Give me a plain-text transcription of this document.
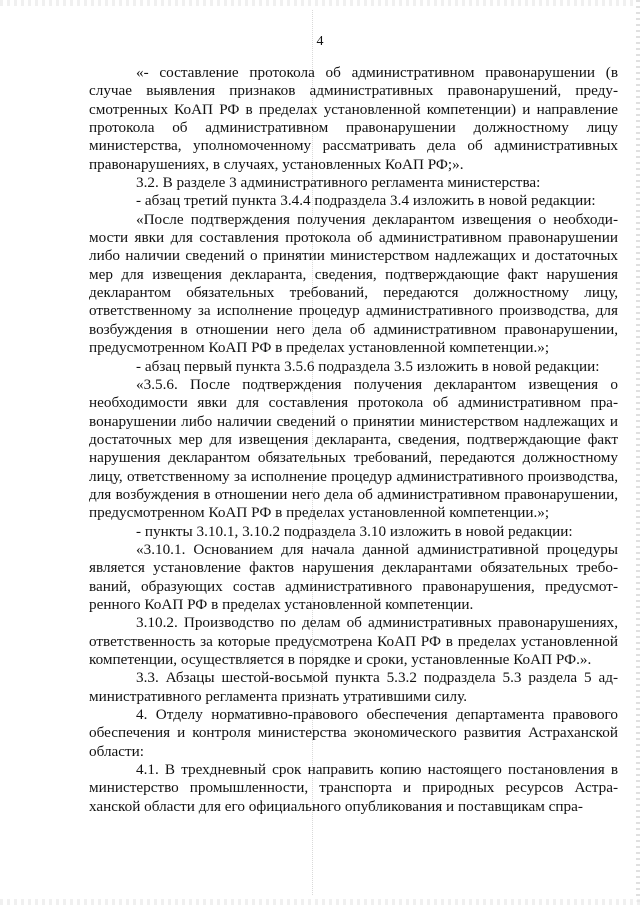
4

«- составление протокола об административном правонарушении (в случае выявления признаков административных правонарушений, предусмотренных КоАП РФ в пределах установленной компетенции) и направление протокола об административном правонарушении должностному лицу министерства, уполномоченному рассматривать дела об административных правонарушениях, в случаях, установленных КоАП РФ;».

3.2. В разделе 3 административного регламента министерства:

- абзац третий пункта 3.4.4 подраздела 3.4 изложить в новой редакции:

«После подтверждения получения декларантом извещения о необходимости явки для составления протокола об административном правонарушении либо наличии сведений о принятии министерством надлежащих и достаточных мер для извещения декларанта, сведения, подтверждающие факт нарушения декларантом обязательных требований, передаются должностному лицу, ответственному за исполнение процедур административного производства, для возбуждения в отношении него дела об административном правонарушении, предусмотренном КоАП РФ в пределах установленной компетенции.»;

- абзац первый пункта 3.5.6 подраздела 3.5 изложить в новой редакции:

«3.5.6. После подтверждения получения декларантом извещения о необходимости явки для составления протокола об административном правонарушении либо наличии сведений о принятии министерством надлежащих и достаточных мер для извещения декларанта, сведения, подтверждающие факт нарушения декларантом обязательных требований, передаются должностному лицу, ответственному за исполнение процедур административного производства, для возбуждения в отношении него дела об административном правонарушении, предусмотренном КоАП РФ в пределах установленной компетенции.»;

- пункты 3.10.1, 3.10.2 подраздела 3.10 изложить в новой редакции:

«3.10.1. Основанием для начала данной административной процедуры является установление фактов нарушения декларантами обязательных требований, образующих состав административного правонарушения, предусмотренного КоАП РФ в пределах установленной компетенции.

3.10.2. Производство по делам об административных правонарушениях, ответственность за которые предусмотрена КоАП РФ в пределах установленной компетенции, осуществляется в порядке и сроки, установленные КоАП РФ.».

3.3. Абзацы шестой-восьмой пункта 5.3.2 подраздела 5.3 раздела 5 административного регламента признать утратившими силу.

4. Отделу нормативно-правового обеспечения департамента правового обеспечения и контроля министерства экономического развития Астраханской области:

4.1. В трехдневный срок направить копию настоящего постановления в министерство промышленности, транспорта и природных ресурсов Астраханской области для его официального опубликования и поставщикам спра-
